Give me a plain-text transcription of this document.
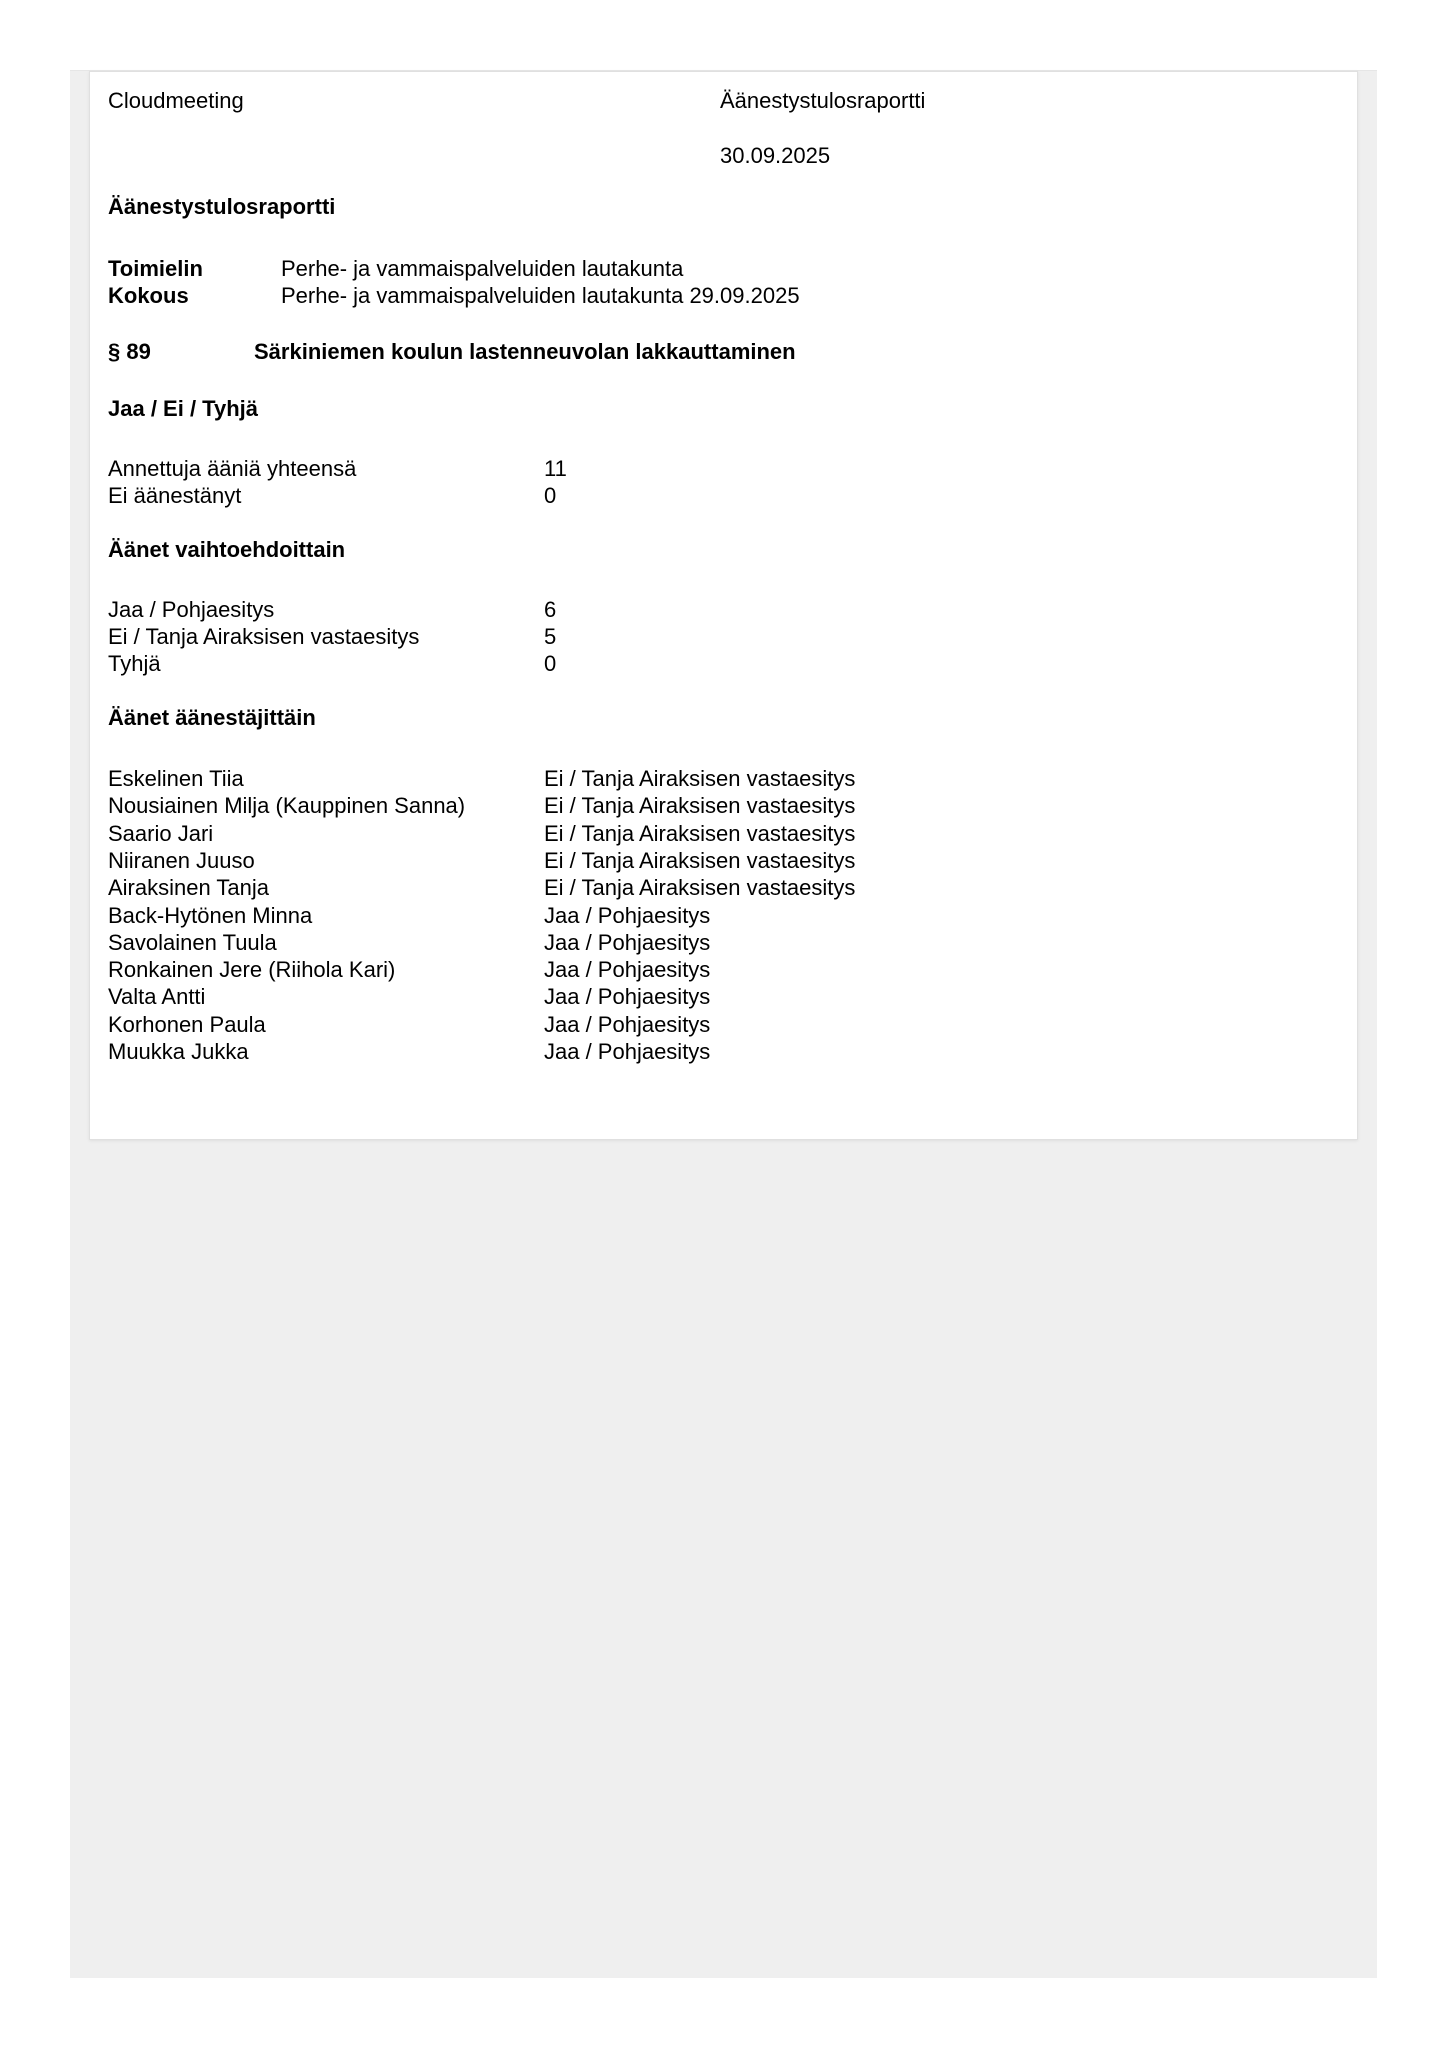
Cloudmeeting	Äänestystulosraportti
30.09.2025
Äänestystulosraportti
Toimielin	Perhe- ja vammaispalveluiden lautakunta
Kokous	Perhe- ja vammaispalveluiden lautakunta 29.09.2025
§ 89	Särkiniemen koulun lastenneuvolan lakkauttaminen
Jaa / Ei / Tyhjä
Annettuja ääniä yhteensä	11
Ei äänestänyt	0
Äänet vaihtoehdoittain
Jaa / Pohjaesitys	6
Ei / Tanja Airaksisen vastaesitys	5
Tyhjä	0
Äänet äänestäjittäin
Eskelinen Tiia	Ei / Tanja Airaksisen vastaesitys
Nousiainen Milja (Kauppinen Sanna)	Ei / Tanja Airaksisen vastaesitys
Saario Jari	Ei / Tanja Airaksisen vastaesitys
Niiranen Juuso	Ei / Tanja Airaksisen vastaesitys
Airaksinen Tanja	Ei / Tanja Airaksisen vastaesitys
Back-Hytönen Minna	Jaa / Pohjaesitys
Savolainen Tuula	Jaa / Pohjaesitys
Ronkainen Jere (Riihola Kari)	Jaa / Pohjaesitys
Valta Antti	Jaa / Pohjaesitys
Korhonen Paula	Jaa / Pohjaesitys
Muukka Jukka	Jaa / Pohjaesitys
